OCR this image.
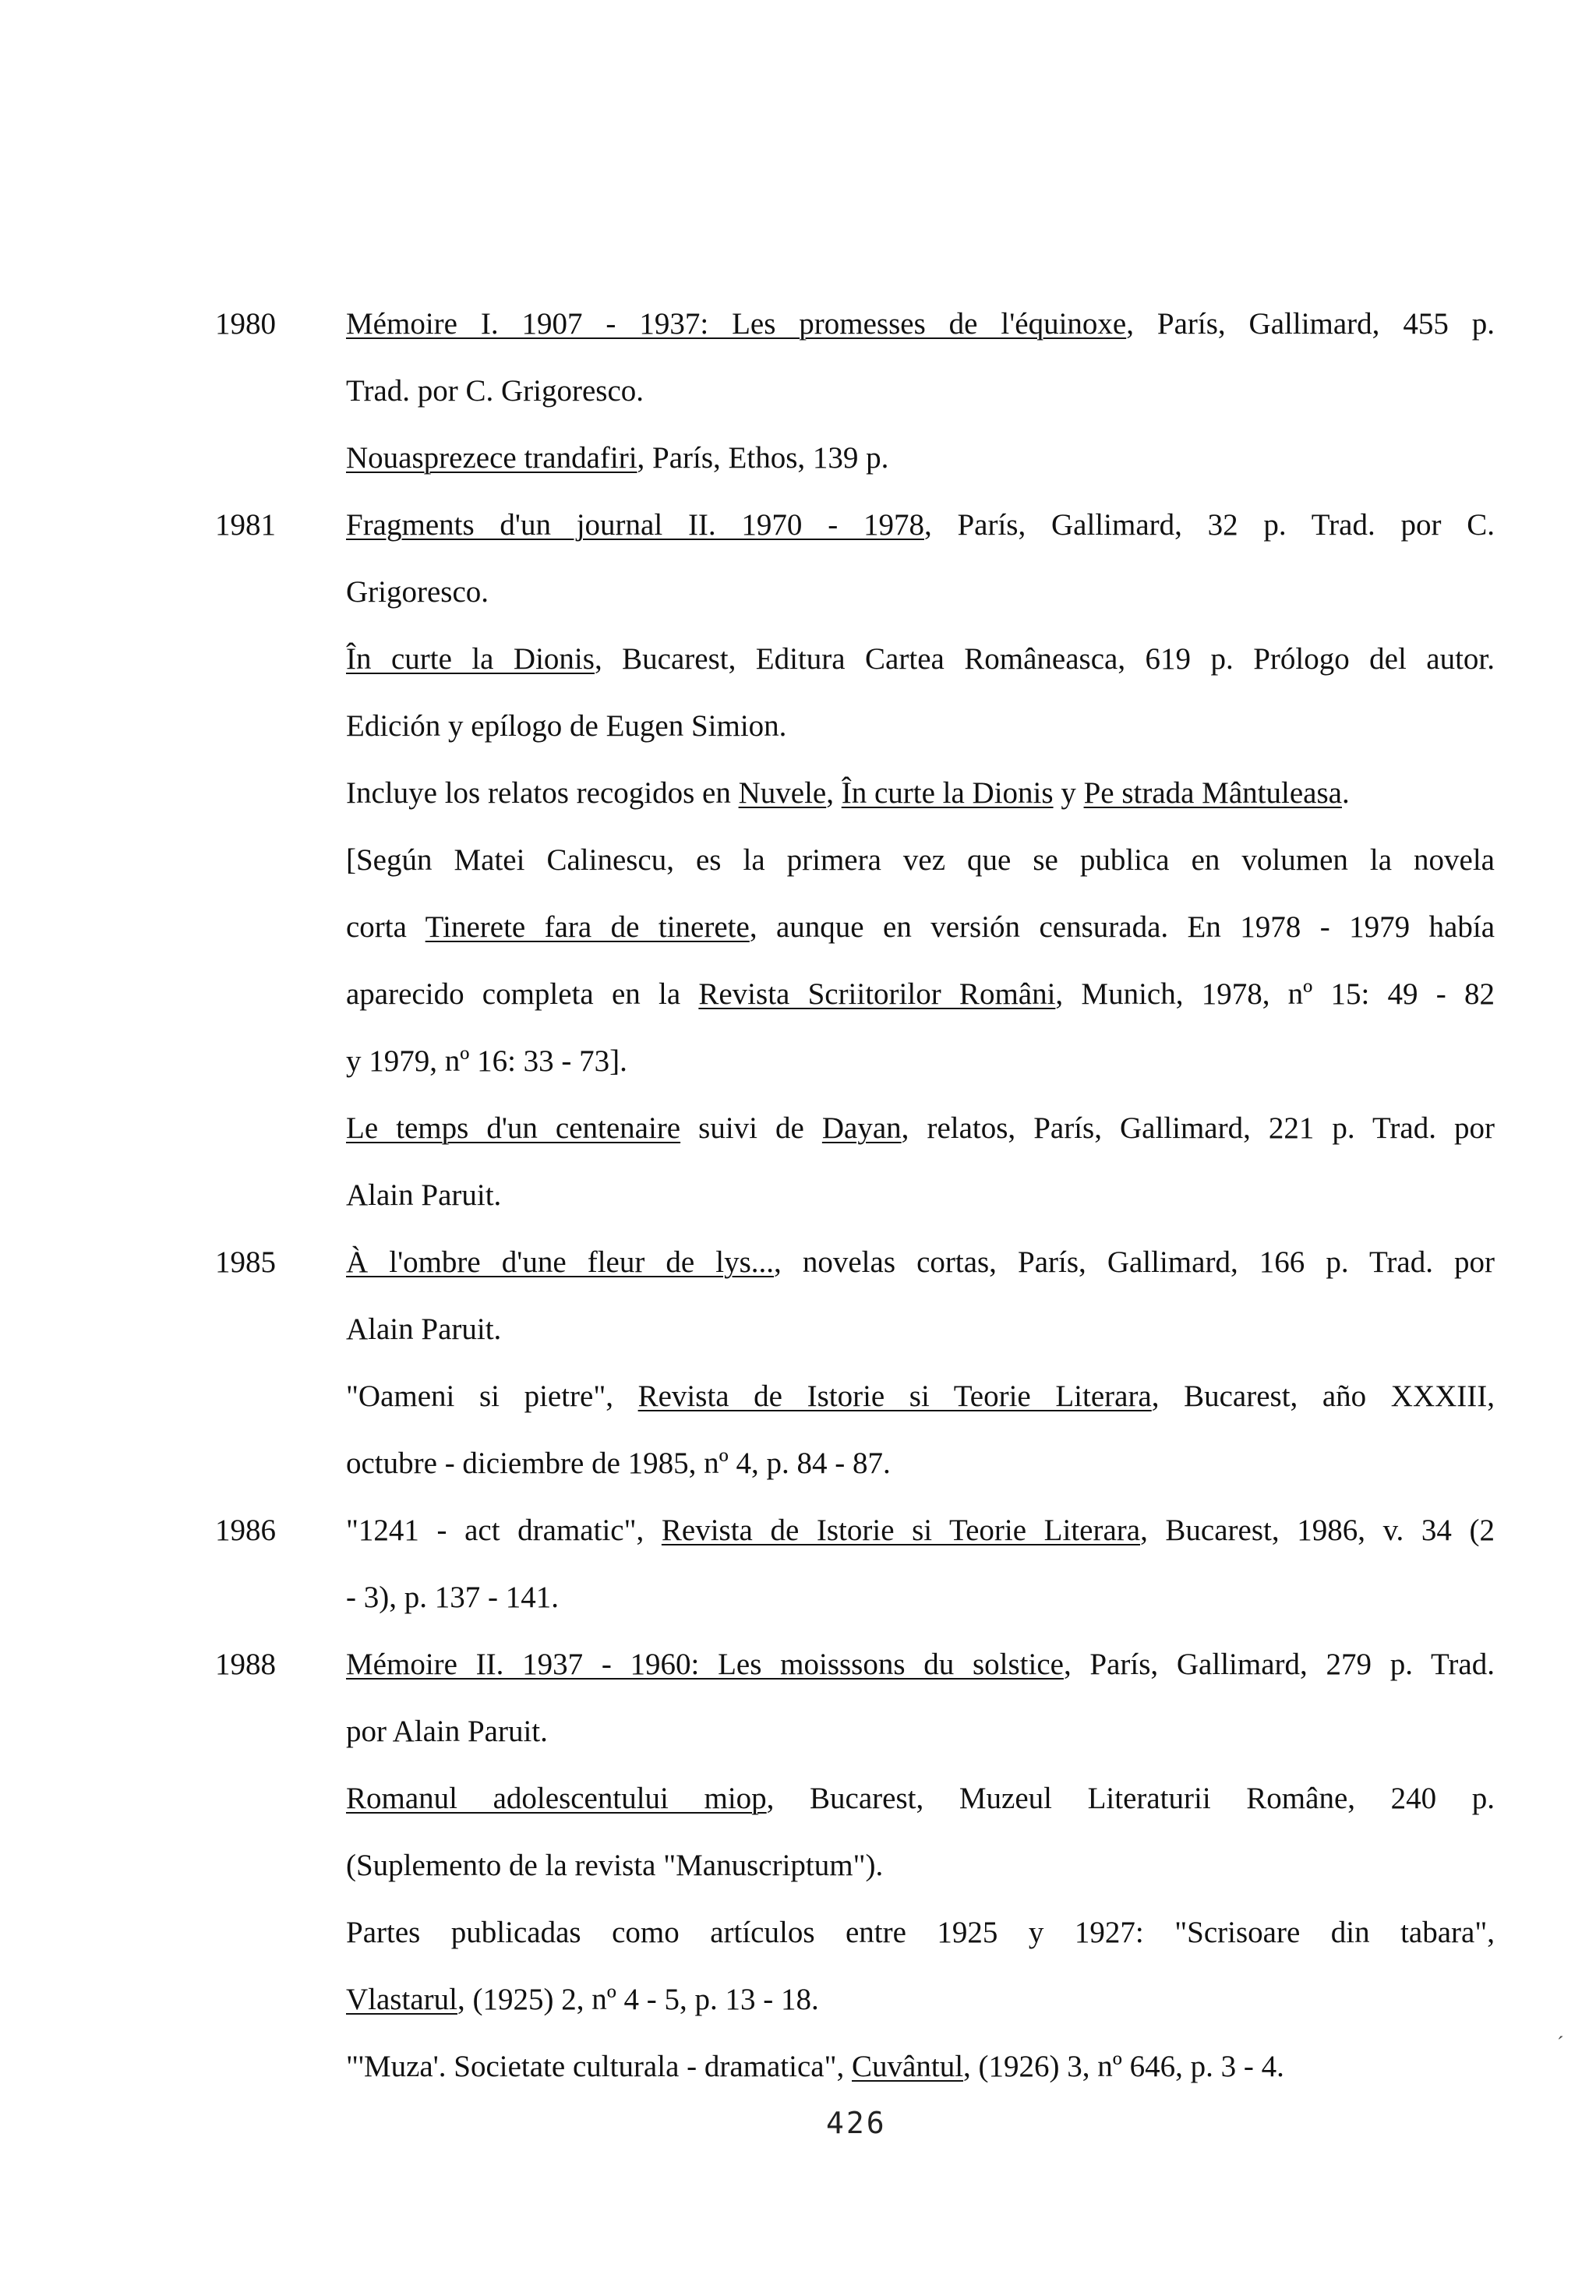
1980 Mémoire I. 1907 - 1937: Les promesses de l'équinoxe, París, Gallimard, 455 p.
Trad. por C. Grigoresco.
Nouasprezece trandafiri, París, Ethos, 139 p.
1981 Fragments d'un journal II. 1970 - 1978, París, Gallimard, 32 p. Trad. por C.
Grigoresco.
În curte la Dionis, Bucarest, Editura Cartea Româneasca, 619 p. Prólogo del autor.
Edición y epílogo de Eugen Simion.
Incluye los relatos recogidos en Nuvele, În curte la Dionis y Pe strada Mântuleasa.
[Según Matei Calinescu, es la primera vez que se publica en volumen la novela
corta Tinerete fara de tinerete, aunque en versión censurada. En 1978 - 1979 había
aparecido completa en la Revista Scriitorilor Români, Munich, 1978, nº 15: 49 - 82
y 1979, nº 16: 33 - 73].
Le temps d'un centenaire suivi de Dayan, relatos, París, Gallimard, 221 p. Trad. por
Alain Paruit.
1985 À l'ombre d'une fleur de lys..., novelas cortas, París, Gallimard, 166 p. Trad. por
Alain Paruit.
"Oameni si pietre", Revista de Istorie si Teorie Literara, Bucarest, año XXXIII,
octubre - diciembre de 1985, nº 4, p. 84 - 87.
1986 "1241 - act dramatic", Revista de Istorie si Teorie Literara, Bucarest, 1986, v. 34 (2
- 3), p. 137 - 141.
1988 Mémoire II. 1937 - 1960: Les moisssons du solstice, París, Gallimard, 279 p. Trad.
por Alain Paruit.
Romanul adolescentului miop, Bucarest, Muzeul Literaturii Române, 240 p.
(Suplemento de la revista "Manuscriptum").
Partes publicadas como artículos entre 1925 y 1927: "Scrisoare din tabara",
Vlastarul, (1925) 2, nº 4 - 5, p. 13 - 18.
"'Muza'. Societate culturala - dramatica", Cuvântul, (1926) 3, nº 646, p. 3 - 4.
426
´
